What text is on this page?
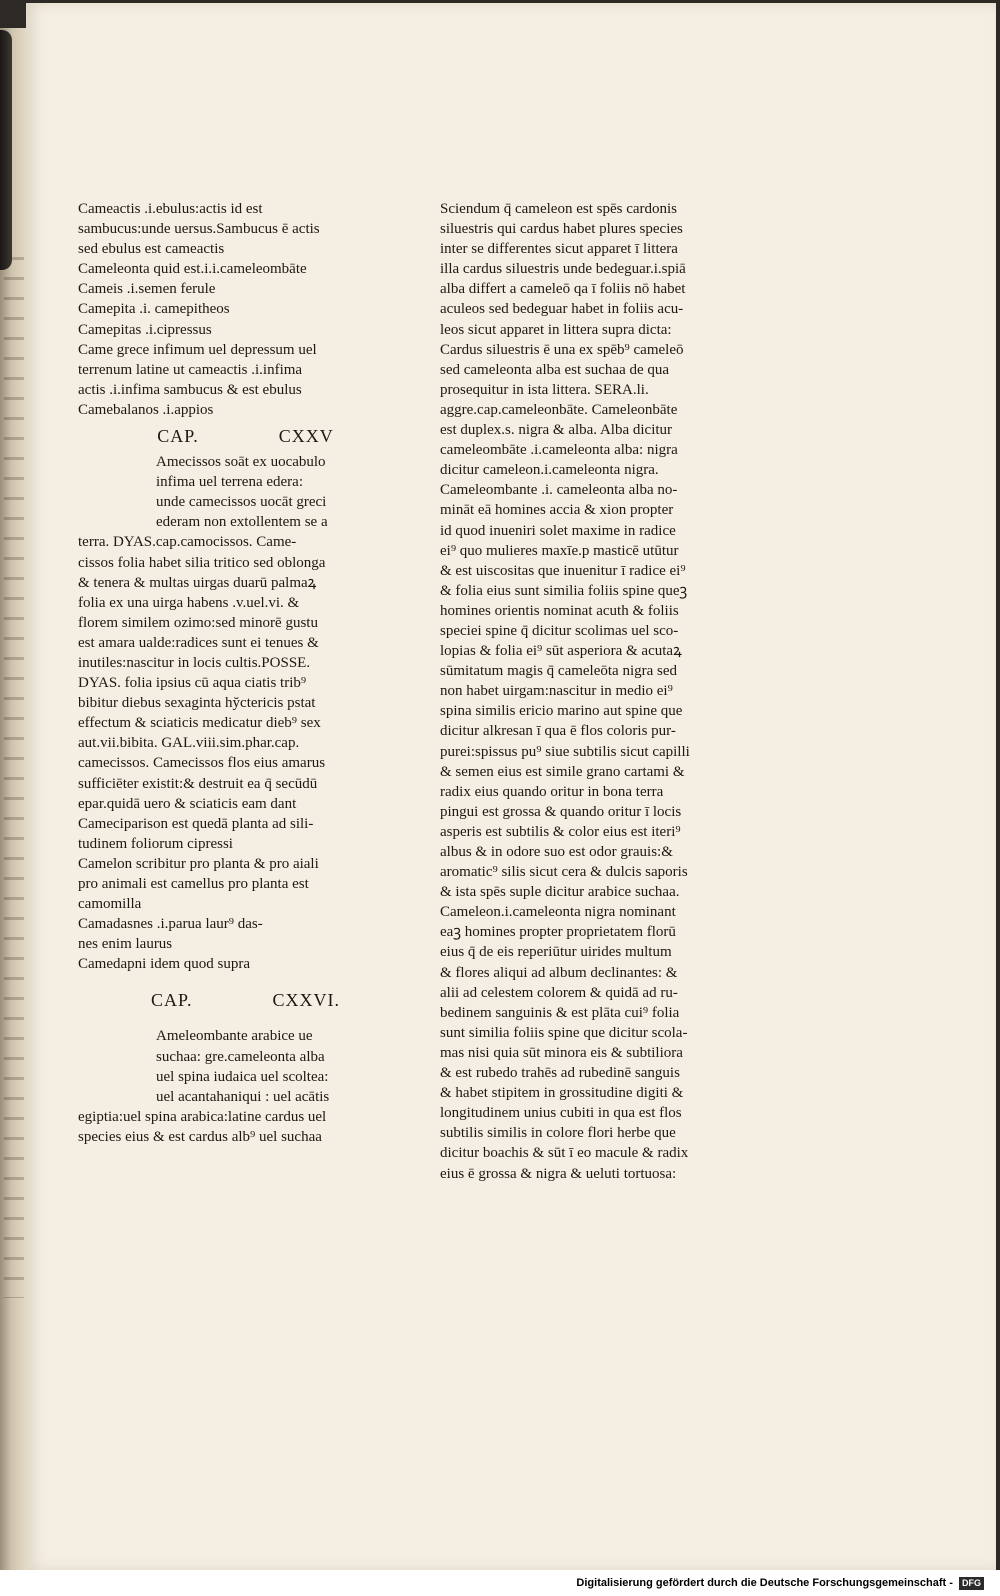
Cameactis .i.ebulus:actis id est
sambucus:unde uersus.Sambucus ē actis
sed ebulus est cameactis
Cameleonta quid est.i.i.cameleombāte
Cameis .i.semen ferule
Camepita .i. camepitheos
Camepitas .i.cipressus
Came grece infimum uel depressum uel
terrenum latine ut cameactis .i.infima
actis .i.infima sambucus & est ebulus
Camebalanos .i.appios
CAP.	CXXV
Amecissos soāt ex uocabulo
infima uel terrena edera:
unde camecissos uocāt greci
ederam non extollentem se a
terra. DYAS.cap.camocissos. Came-
cissos folia habet silia tritico sed oblonga
& tenera & multas uirgas duarū palmaꝝ
folia ex una uirga habens .v.uel.vi. &
florem similem ozimo:sed minorē gustu
est amara ualde:radices sunt ei tenues &
inutiles:nascitur in locis cultis.POSSE.
DYAS. folia ipsius cū aqua ciatis trib⁹
bibitur diebus sexaginta hy̆ctericis pstat
effectum & sciaticis medicatur dieb⁹ sex
aut.vii.bibita. GAL.viii.sim.phar.cap.
camecissos. Camecissos flos eius amarus
sufficiēter existit:& destruit ea q̄ secūdū
epar.quidā uero & sciaticis eam dant
Cameciparison est quedā planta ad sili-
tudinem foliorum cipressi
Camelon scribitur pro planta & pro aiali
pro animali est camellus pro planta est
camomilla
Camadasnes .i.parua laur⁹ das-
nes enim laurus
Camedapni idem quod supra
CAP.	CXXVI.
Ameleombante arabice ue
suchaa: gre.cameleonta alba
uel spina iudaica uel scoltea:
uel acantahaniqui : uel acātis
egiptia:uel spina arabica:latine cardus uel
species eius & est cardus alb⁹ uel suchaa
Sciendum q̄ cameleon est spēs cardonis
siluestris qui cardus habet plures species
inter se differentes sicut apparet ī littera
illa cardus siluestris unde bedeguar.i.spiā
alba differt a cameleō qa ī foliis nō habet
aculeos sed bedeguar habet in foliis acu-
leos sicut apparet in littera supra dicta:
Cardus siluestris ē una ex spēb⁹ cameleō
sed cameleonta alba est suchaa de qua
prosequitur in ista littera. SERA.li.
aggre.cap.cameleonbāte. Cameleonbāte
est duplex.s. nigra & alba. Alba dicitur
cameleombāte .i.cameleonta alba: nigra
dicitur cameleon.i.cameleonta nigra.
Cameleombante .i. cameleonta alba no-
mināt eā homines accia & xion propter
id quod inueniri solet maxime in radice
ei⁹ quo mulieres maxīe.p masticē utūtur
& est uiscositas que inuenitur ī radice ei⁹
& folia eius sunt similia foliis spine queꝫ
homines orientis nominat acuth & foliis
speciei spine q̄ dicitur scolimas uel sco-
lopias & folia ei⁹ sūt asperiora & acutaꝝ
sūmitatum magis q̄ cameleōta nigra sed
non habet uirgam:nascitur in medio ei⁹
spina similis ericio marino aut spine que
dicitur alkresan ī qua ē flos coloris pur-
purei:spissus pu⁹ siue subtilis sicut capilli
& semen eius est simile grano cartami &
radix eius quando oritur in bona terra
pingui est grossa & quando oritur ī locis
asperis est subtilis & color eius est iteri⁹
albus & in odore suo est odor grauis:&
aromatic⁹ silis sicut cera & dulcis saporis
& ista spēs suple dicitur arabice suchaa.
Cameleon.i.cameleonta nigra nominant
eaꝫ homines propter proprietatem florū
eius q̄ de eis reperiūtur uirides multum
& flores aliqui ad album declinantes: &
alii ad celestem colorem & quidā ad ru-
bedinem sanguinis & est plāta cui⁹ folia
sunt similia foliis spine que dicitur scola-
mas nisi quia sūt minora eis & subtiliora
& est rubedo trahēs ad rubedinē sanguis
& habet stipitem in grossitudine digiti &
longitudinem unius cubiti in qua est flos
subtilis similis in colore flori herbe que
dicitur boachis & sūt ī eo macule & radix
eius ē grossa & nigra & ueluti tortuosa:
Digitalisierung gefördert durch die Deutsche Forschungsgemeinschaft - DFG
